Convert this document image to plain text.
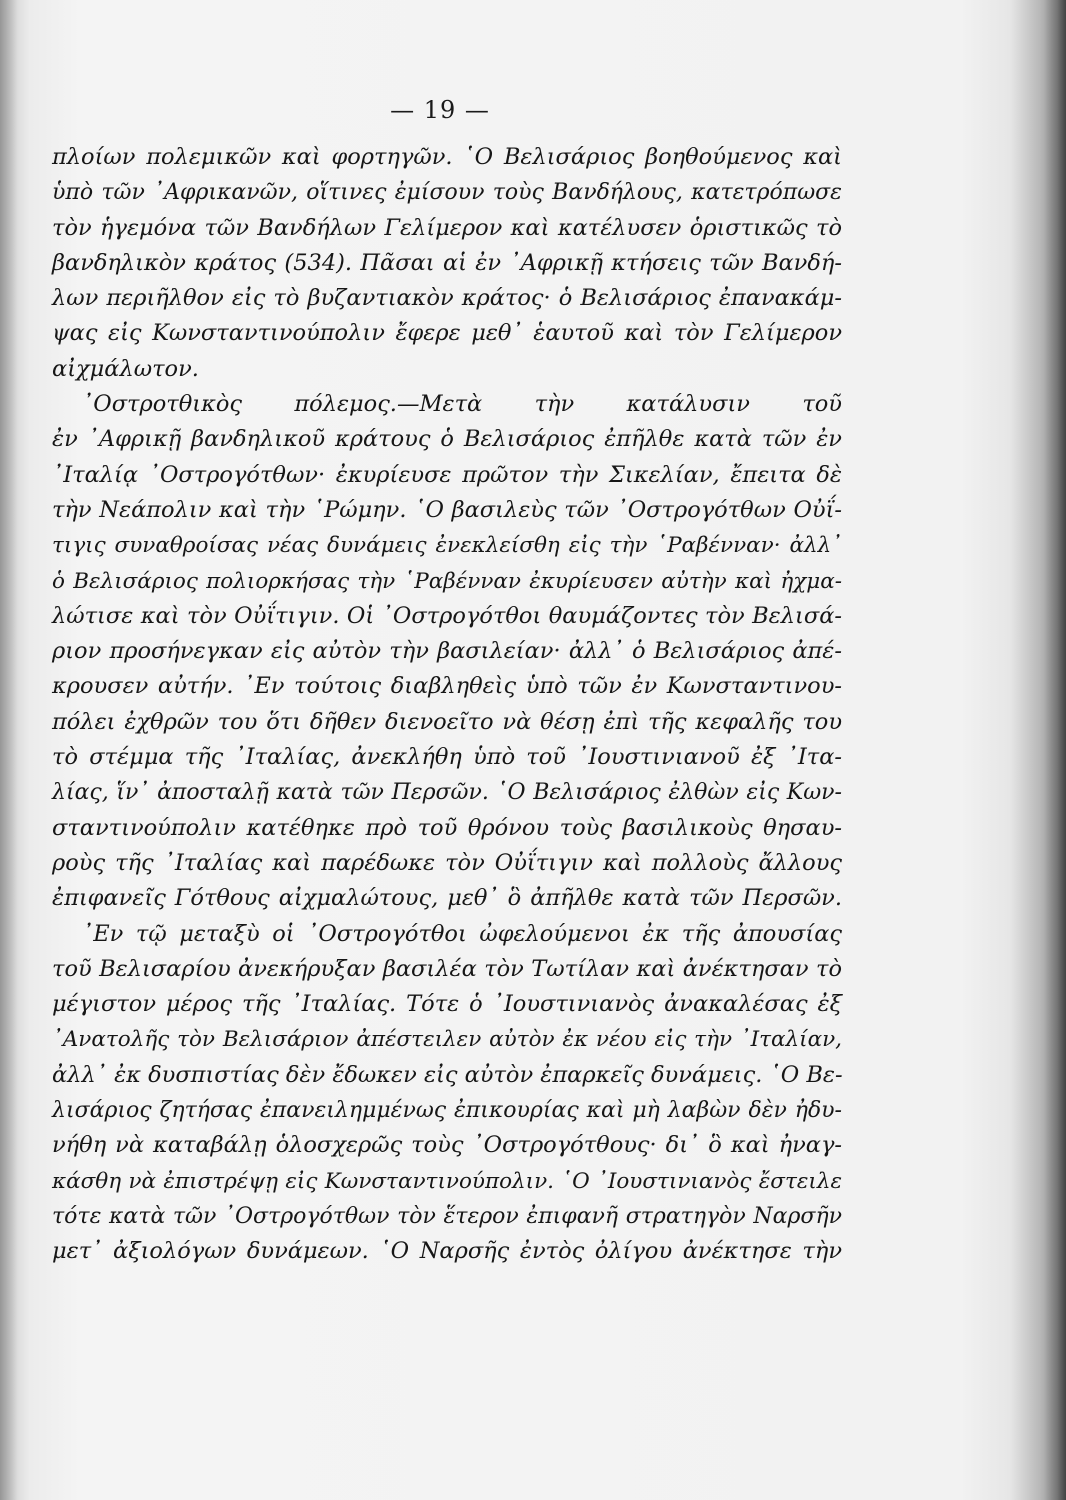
— 19 —
πλοίων πολεμικῶν καὶ φορτηγῶν. ῾Ο Βελισάριος βοηθούμενος καὶ
ὑπὸ τῶν ᾿Αφρικανῶν, οἵτινες ἐμίσουν τοὺς Βανδήλους, κατετρόπωσε
τὸν ἡγεμόνα τῶν Βανδήλων Γελίμερον καὶ κατέλυσεν ὁριστικῶς τὸ
βανδηλικὸν κράτος (534). Πᾶσαι αἱ ἐν ᾿Αφρικῇ κτήσεις τῶν Βανδή-
λων περιῆλθον εἰς τὸ βυζαντιακὸν κράτος· ὁ Βελισάριος ἐπανακάμ-
ψας εἰς Κωνσταντινούπολιν ἔφερε μεθ᾿ ἑαυτοῦ καὶ τὸν Γελίμερον
αἰχμάλωτον.
᾿Οστροτθικὸς πόλεμος.—Μετὰ τὴν κατάλυσιν τοῦ
ἐν ᾿Αφρικῇ βανδηλικοῦ κράτους ὁ Βελισάριος ἐπῆλθε κατὰ τῶν ἐν
᾿Ιταλίᾳ ᾿Οστρογότθων· ἐκυρίευσε πρῶτον τὴν Σικελίαν, ἔπειτα δὲ
τὴν Νεάπολιν καὶ τὴν ῾Ρώμην. ῾Ο βασιλεὺς τῶν ᾿Οστρογότθων Οὐΐ-
τιγις συναθροίσας νέας δυνάμεις ἐνεκλείσθη εἰς τὴν ῾Ραβένναν· ἀλλ᾿
ὁ Βελισάριος πολιορκήσας τὴν ῾Ραβένναν ἐκυρίευσεν αὐτὴν καὶ ἠχμα-
λώτισε καὶ τὸν Οὐΐτιγιν. Οἱ ᾿Οστρογότθοι θαυμάζοντες τὸν Βελισά-
ριον προσήνεγκαν εἰς αὐτὸν τὴν βασιλείαν· ἀλλ᾿ ὁ Βελισάριος ἀπέ-
κρουσεν αὐτήν. ᾿Εν τούτοις διαβληθεὶς ὑπὸ τῶν ἐν Κωνσταντινου-
πόλει ἐχθρῶν του ὅτι δῆθεν διενοεῖτο νὰ θέσῃ ἐπὶ τῆς κεφαλῆς του
τὸ στέμμα τῆς ᾿Ιταλίας, ἀνεκλήθη ὑπὸ τοῦ ᾿Ιουστινιανοῦ ἐξ ᾿Ιτα-
λίας, ἵν᾿ ἀποσταλῇ κατὰ τῶν Περσῶν. ῾Ο Βελισάριος ἐλθὼν εἰς Κων-
σταντινούπολιν κατέθηκε πρὸ τοῦ θρόνου τοὺς βασιλικοὺς θησαυ-
ροὺς τῆς ᾿Ιταλίας καὶ παρέδωκε τὸν Οὐΐτιγιν καὶ πολλοὺς ἄλλους
ἐπιφανεῖς Γότθους αἰχμαλώτους, μεθ᾿ ὃ ἀπῆλθε κατὰ τῶν Περσῶν.
᾿Εν τῷ μεταξὺ οἱ ᾿Οστρογότθοι ὠφελούμενοι ἐκ τῆς ἀπουσίας
τοῦ Βελισαρίου ἀνεκήρυξαν βασιλέα τὸν Τωτίλαν καὶ ἀνέκτησαν τὸ
μέγιστον μέρος τῆς ᾿Ιταλίας. Τότε ὁ ᾿Ιουστινιανὸς ἀνακαλέσας ἐξ
᾿Ανατολῆς τὸν Βελισάριον ἀπέστειλεν αὐτὸν ἐκ νέου εἰς τὴν ᾿Ιταλίαν,
ἀλλ᾿ ἐκ δυσπιστίας δὲν ἔδωκεν εἰς αὐτὸν ἐπαρκεῖς δυνάμεις. ῾Ο Βε-
λισάριος ζητήσας ἐπανειλημμένως ἐπικουρίας καὶ μὴ λαβὼν δὲν ἠδυ-
νήθη νὰ καταβάλῃ ὁλοσχερῶς τοὺς ᾿Οστρογότθους· δι᾿ ὃ καὶ ἠναγ-
κάσθη νὰ ἐπιστρέψῃ εἰς Κωνσταντινούπολιν. ῾Ο ᾿Ιουστινιανὸς ἔστειλε
τότε κατὰ τῶν ᾿Οστρογότθων τὸν ἕτερον ἐπιφανῆ στρατηγὸν Ναρσῆν
μετ᾿ ἀξιολόγων δυνάμεων. ῾Ο Ναρσῆς ἐντὸς ὀλίγου ἀνέκτησε τὴν
